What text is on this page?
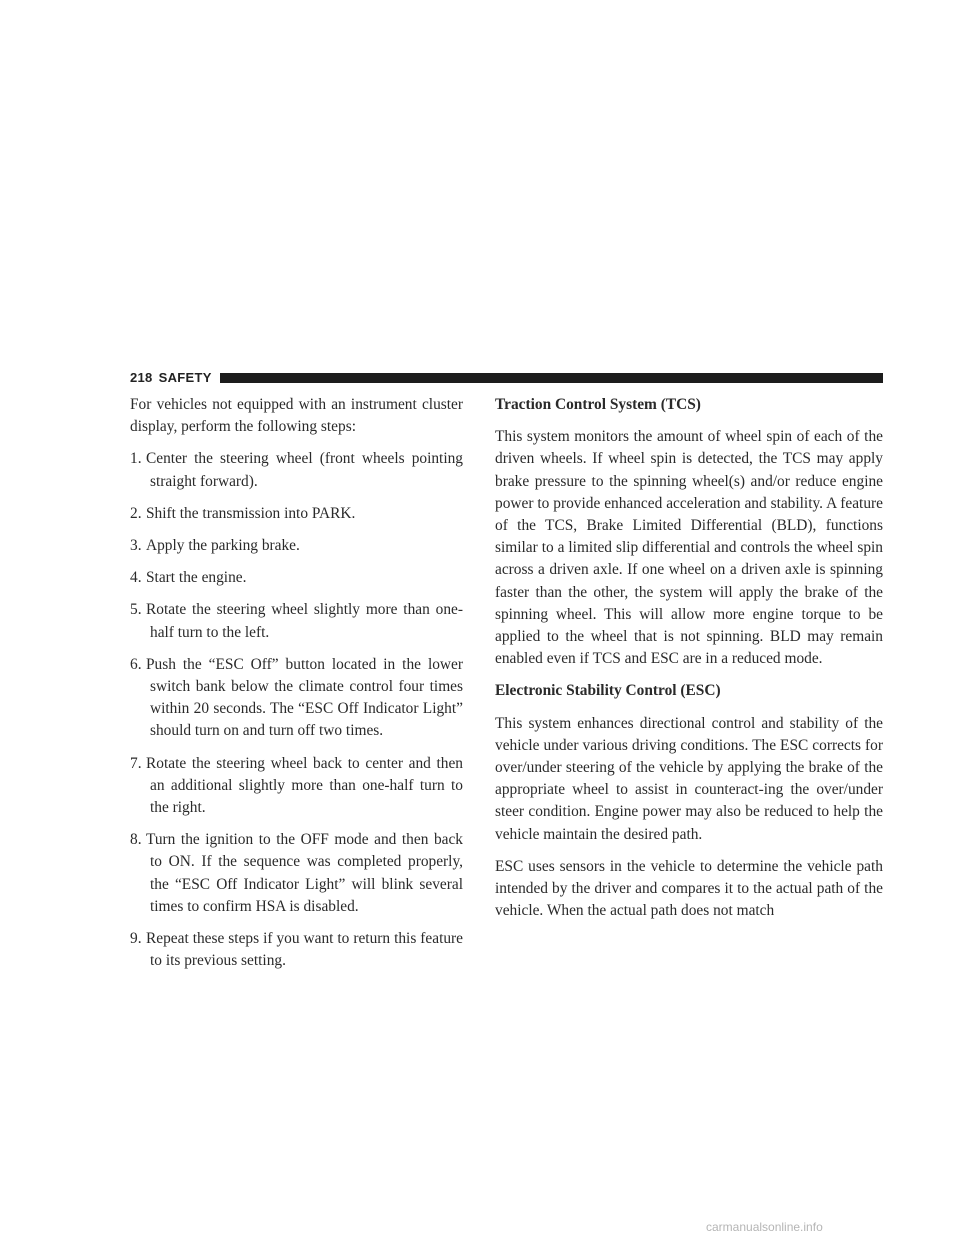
218 SAFETY

For vehicles not equipped with an instrument cluster display, perform the following steps:

1. Center the steering wheel (front wheels pointing straight forward).
2. Shift the transmission into PARK.
3. Apply the parking brake.
4. Start the engine.
5. Rotate the steering wheel slightly more than one-half turn to the left.
6. Push the “ESC Off” button located in the lower switch bank below the climate control four times within 20 seconds. The “ESC Off Indicator Light” should turn on and turn off two times.
7. Rotate the steering wheel back to center and then an additional slightly more than one-half turn to the right.
8. Turn the ignition to the OFF mode and then back to ON. If the sequence was completed properly, the “ESC Off Indicator Light” will blink several times to confirm HSA is disabled.
9. Repeat these steps if you want to return this feature to its previous setting.
Traction Control System (TCS)

This system monitors the amount of wheel spin of each of the driven wheels. If wheel spin is detected, the TCS may apply brake pressure to the spinning wheel(s) and/or reduce engine power to provide enhanced acceleration and stability. A feature of the TCS, Brake Limited Differential (BLD), functions similar to a limited slip differential and controls the wheel spin across a driven axle. If one wheel on a driven axle is spinning faster than the other, the system will apply the brake of the spinning wheel. This will allow more engine torque to be applied to the wheel that is not spinning. BLD may remain enabled even if TCS and ESC are in a reduced mode.

Electronic Stability Control (ESC)

This system enhances directional control and stability of the vehicle under various driving conditions. The ESC corrects for over/under steering of the vehicle by applying the brake of the appropriate wheel to assist in counteract-ing the over/under steer condition. Engine power may also be reduced to help the vehicle maintain the desired path.

ESC uses sensors in the vehicle to determine the vehicle path intended by the driver and compares it to the actual path of the vehicle. When the actual path does not match

carmanualsonline.info
